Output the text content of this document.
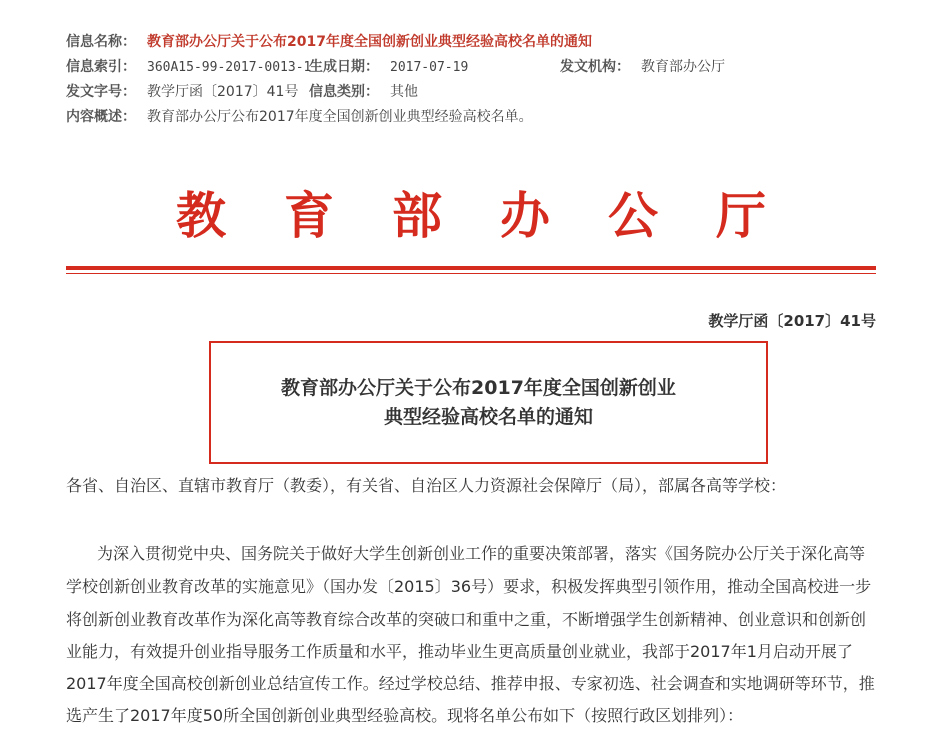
信息名称： 教育部办公厅关于公布2017年度全国创新创业典型经验高校名单的通知
信息索引： 360A15-99-2017-0013-1
生成日期： 2017-07-19	发文机构： 教育部办公厅
发文字号： 教学厅函〔2017〕41号 信息类别： 其他
内容概述： 教育部办公厅公布2017年度全国创新创业典型经验高校名单。
教育部办公厅
教学厅函〔2017〕41号
教育部办公厅关于公布2017年度全国创新创业
典型经验高校名单的通知
各省、自治区、直辖市教育厅（教委），有关省、自治区人力资源社会保障厅（局），部属各高等学校：
为深入贯彻党中央、国务院关于做好大学生创新创业工作的重要决策部署，落实《国务院办公厅关于深化高等
学校创新创业教育改革的实施意见》（国办发〔2015〕36号）要求，积极发挥典型引领作用，推动全国高校进一步
将创新创业教育改革作为深化高等教育综合改革的突破口和重中之重，不断增强学生创新精神、创业意识和创新创
业能力，有效提升创业指导服务工作质量和水平，推动毕业生更高质量创业就业，我部于2017年1月启动开展了
2017年度全国高校创新创业总结宣传工作。经过学校总结、推荐申报、专家初选、社会调查和实地调研等环节，推
选产生了2017年度50所全国创新创业典型经验高校。现将名单公布如下（按照行政区划排列）：
